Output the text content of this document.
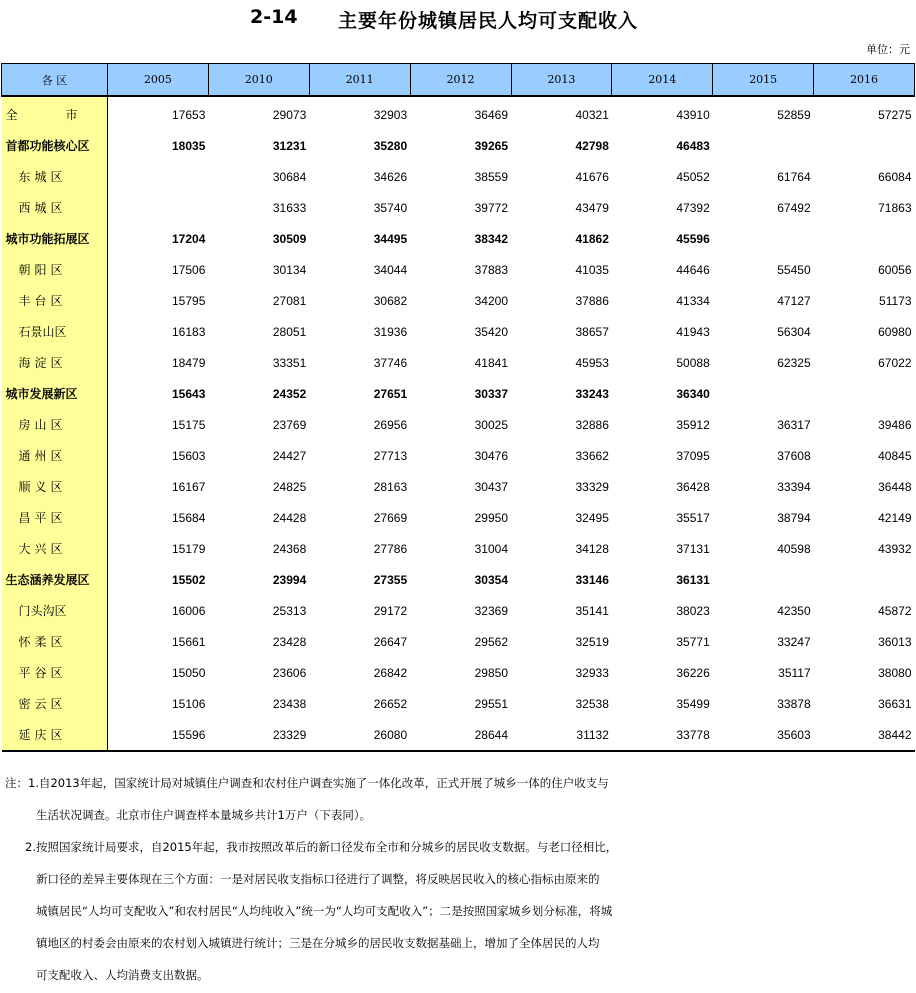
2-14 主要年份城镇居民人均可支配收入
单位：元
各 区	2005	2010	2011	2012	2013	2014	2015	2016
全　市	17653	29073	32903	36469	40321	43910	52859	57275
首都功能核心区	18035	31231	35280	39265	42798	46483		
东城区		30684	34626	38559	41676	45052	61764	66084
西城区		31633	35740	39772	43479	47392	67492	71863
城市功能拓展区	17204	30509	34495	38342	41862	45596		
朝阳区	17506	30134	34044	37883	41035	44646	55450	60056
丰台区	15795	27081	30682	34200	37886	41334	47127	51173
石景山区	16183	28051	31936	35420	38657	41943	56304	60980
海淀区	18479	33351	37746	41841	45953	50088	62325	67022
城市发展新区	15643	24352	27651	30337	33243	36340		
房山区	15175	23769	26956	30025	32886	35912	36317	39486
通州区	15603	24427	27713	30476	33662	37095	37608	40845
顺义区	16167	24825	28163	30437	33329	36428	33394	36448
昌平区	15684	24428	27669	29950	32495	35517	38794	42149
大兴区	15179	24368	27786	31004	34128	37131	40598	43932
生态涵养发展区	15502	23994	27355	30354	33146	36131		
门头沟区	16006	25313	29172	32369	35141	38023	42350	45872
怀柔区	15661	23428	26647	29562	32519	35771	33247	36013
平谷区	15050	23606	26842	29850	32933	36226	35117	38080
密云区	15106	23438	26652	29551	32538	35499	33878	36631
延庆区	15596	23329	26080	28644	31132	33778	35603	38442
注：1.自2013年起，国家统计局对城镇住户调查和农村住户调查实施了一体化改革，正式开展了城乡一体的住户收支与
生活状况调查。北京市住户调查样本量城乡共计1万户（下表同）。
2.按照国家统计局要求，自2015年起，我市按照改革后的新口径发布全市和分城乡的居民收支数据。与老口径相比，
新口径的差异主要体现在三个方面：一是对居民收支指标口径进行了调整，将反映居民收入的核心指标由原来的
城镇居民“人均可支配收入”和农村居民“人均纯收入”统一为“人均可支配收入”；二是按照国家城乡划分标准，将城
镇地区的村委会由原来的农村划入城镇进行统计；三是在分城乡的居民收支数据基础上，增加了全体居民的人均
可支配收入、人均消费支出数据。
